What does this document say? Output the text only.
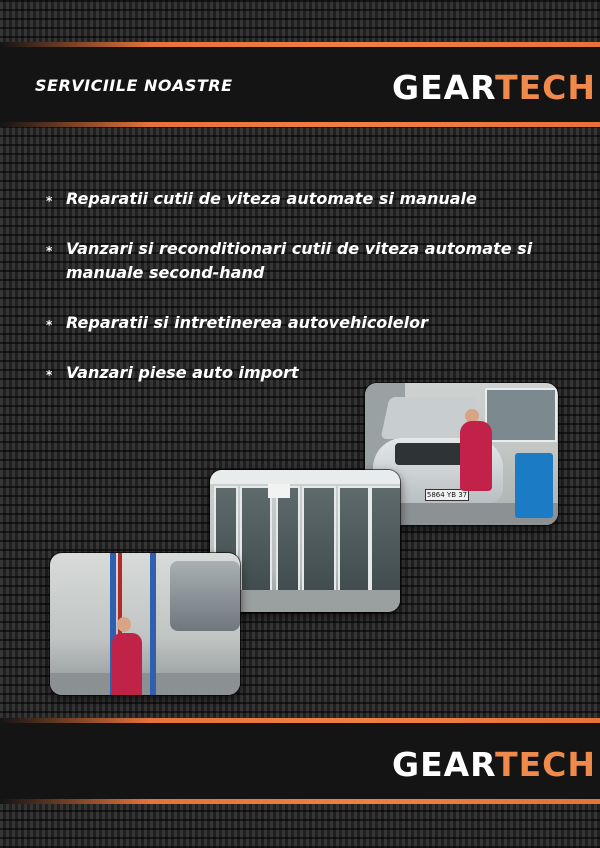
SERVICIILE NOASTRE	GEARTECH
* Reparatii cutii de viteza automate si manuale
* Vanzari si reconditionari cutii de viteza automate si manuale second-hand
* Reparatii si intretinerea autovehicolelor
* Vanzari piese auto import
5864 YB 37
GEARTECH
